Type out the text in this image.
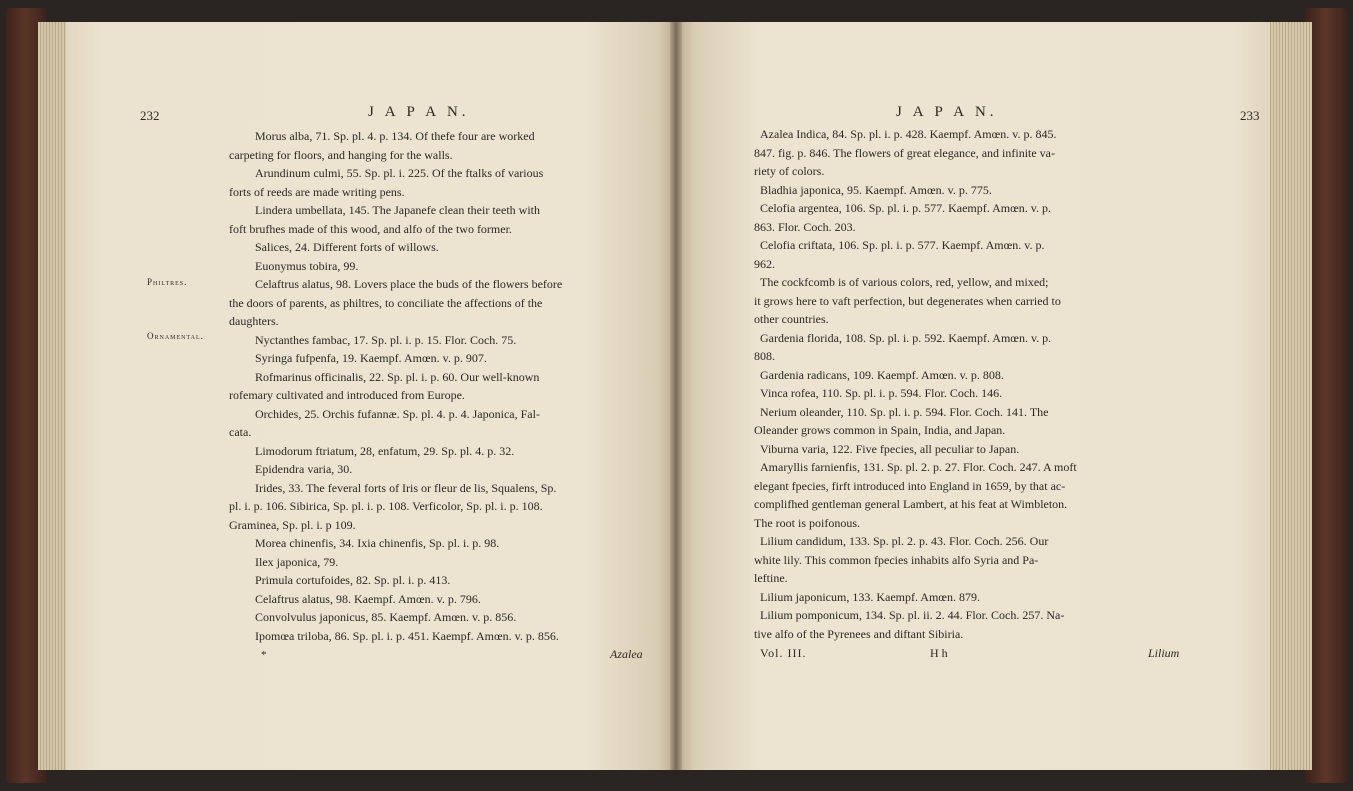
232	J A P A N.
Philtres.
Ornamental.
Morus alba, 71. Sp. pl. 4. p. 134. Of thefe four are worked
carpeting for floors, and hanging for the walls.
Arundinum culmi, 55. Sp. pl. i. 225. Of the ftalks of various
forts of reeds are made writing pens.
Lindera umbellata, 145. The Japanefe clean their teeth with
foft brufhes made of this wood, and alfo of the two former.
Salices, 24. Different forts of willows.
Euonymus tobira, 99.
Celaftrus alatus, 98. Lovers place the buds of the flowers before
the doors of parents, as philtres, to conciliate the affections of the
daughters.
Nyctanthes fambac, 17. Sp. pl. i. p. 15. Flor. Coch. 75.
Syringa fufpenfa, 19. Kaempf. Amœn. v. p. 907.
Rofmarinus officinalis, 22. Sp. pl. i. p. 60. Our well-known
rofemary cultivated and introduced from Europe.
Orchides, 25. Orchis fufannæ. Sp. pl. 4. p. 4. Japonica, Fal-
cata.
Limodorum ftriatum, 28, enfatum, 29. Sp. pl. 4. p. 32.
Epidendra varia, 30.
Irides, 33. The feveral forts of Iris or fleur de lis, Squalens, Sp.
pl. i. p. 106. Sibirica, Sp. pl. i. p. 108. Verficolor, Sp. pl. i. p. 108.
Graminea, Sp. pl. i. p 109.
Morea chinenfis, 34. Ixia chinenfis, Sp. pl. i. p. 98.
Ilex japonica, 79.
Primula cortufoides, 82. Sp. pl. i. p. 413.
Celaftrus alatus, 98. Kaempf. Amœn. v. p. 796.
Convolvulus japonicus, 85. Kaempf. Amœn. v. p. 856.
Ipomœa triloba, 86. Sp. pl. i. p. 451. Kaempf. Amœn. v. p. 856.
*	Azalea
J A P A N.	233
Azalea Indica, 84. Sp. pl. i. p. 428. Kaempf. Amœn. v. p. 845.
847. fig. p. 846. The flowers of great elegance, and infinite va-
riety of colors.
Bladhia japonica, 95. Kaempf. Amœn. v. p. 775.
Celofia argentea, 106. Sp. pl. i. p. 577. Kaempf. Amœn. v. p.
863. Flor. Coch. 203.
Celofia criftata, 106. Sp. pl. i. p. 577. Kaempf. Amœn. v. p.
962.
The cockfcomb is of various colors, red, yellow, and mixed;
it grows here to vaft perfection, but degenerates when carried to
other countries.
Gardenia florida, 108. Sp. pl. i. p. 592. Kaempf. Amœn. v. p.
808.
Gardenia radicans, 109. Kaempf. Amœn. v. p. 808.
Vinca rofea, 110. Sp. pl. i. p. 594. Flor. Coch. 146.
Nerium oleander, 110. Sp. pl. i. p. 594. Flor. Coch. 141. The
Oleander grows common in Spain, India, and Japan.
Viburna varia, 122. Five fpecies, all peculiar to Japan.
Amaryllis farnienfis, 131. Sp. pl. 2. p. 27. Flor. Coch. 247. A moft
elegant fpecies, firft introduced into England in 1659, by that ac-
complifhed gentleman general Lambert, at his feat at Wimbleton.
The root is poifonous.
Lilium candidum, 133. Sp. pl. 2. p. 43. Flor. Coch. 256. Our
white lily. This common fpecies inhabits alfo Syria and Pa-
leftine.
Lilium japonicum, 133. Kaempf. Amœn. 879.
Lilium pomponicum, 134. Sp. pl. ii. 2. 44. Flor. Coch. 257. Na-
tive alfo of the Pyrenees and diftant Sibiria.
Vol. III.	H h	Lilium
